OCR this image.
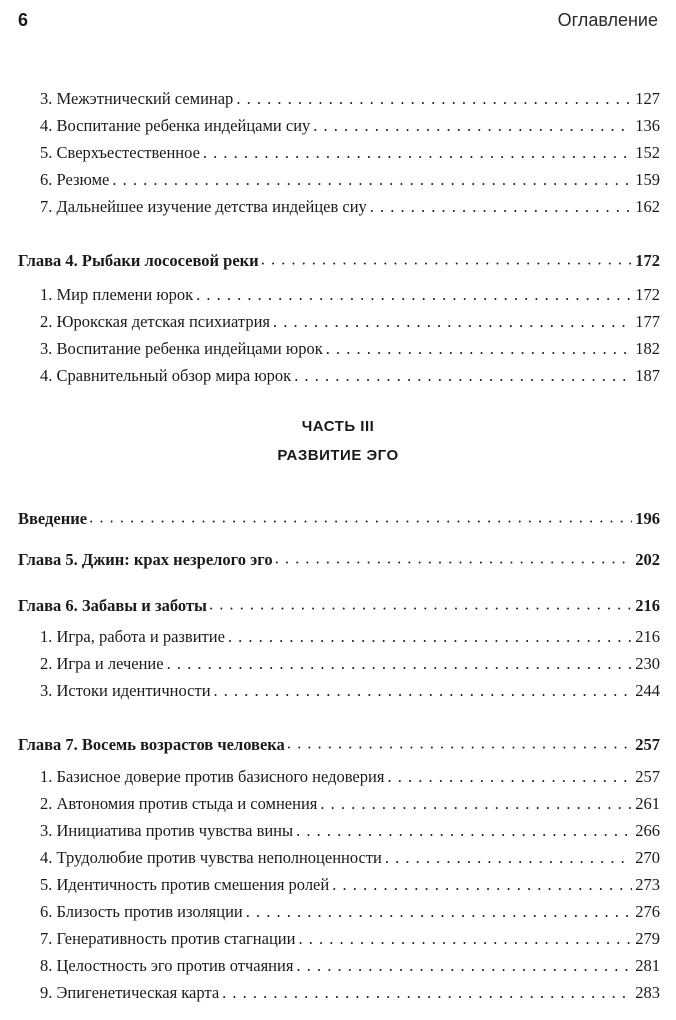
6	Оглавление
3. Межэтнический семинар . . .	127
4. Воспитание ребенка индейцами сиу . . .	136
5. Сверхъестественное . . .	152
6. Резюме . . .	159
7. Дальнейшее изучение детства индейцев сиу . . .	162
Глава 4. Рыбаки лососевой реки • • •	172
1. Мир племени юрок . . .	172
2. Юрокская детская психиатрия . . .	177
3. Воспитание ребенка индейцами юрок . . .	182
4. Сравнительный обзор мира юрок . . .	187
ЧАСТЬ III
РАЗВИТИЕ ЭГО
Введение • • •	196
Глава 5. Джин: крах незрелого эго • • •	202
Глава 6. Забавы и заботы • • •	216
1. Игра, работа и развитие . . .	216
2. Игра и лечение . . .	230
3. Истоки идентичности . . .	244
Глава 7. Восемь возрастов человека • • •	257
1. Базисное доверие против базисного недоверия . . .	257
2. Автономия против стыда и сомнения . . .	261
3. Инициатива против чувства вины . . .	266
4. Трудолюбие против чувства неполноценности . . .	270
5. Идентичность против смешения ролей . . .	273
6. Близость против изоляции . . .	276
7. Генеративность против стагнации . . .	279
8. Целостность эго против отчаяния . . .	281
9. Эпигенетическая карта . . .	283
